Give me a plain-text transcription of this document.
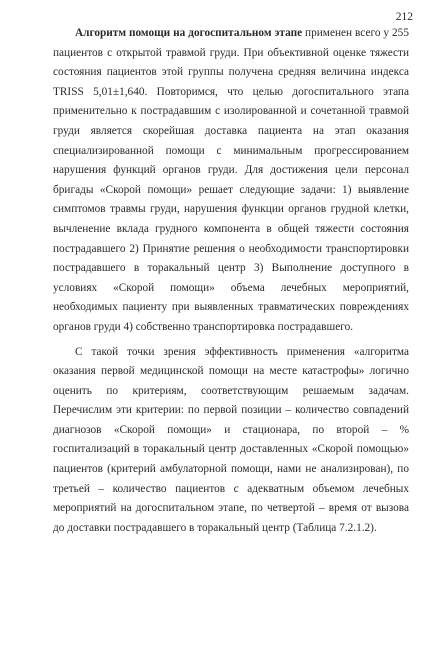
212

Алгоритм помощи на догоспитальном этапе применен всего у 255 пациентов с открытой травмой груди. При объективной оценке тяжести состояния пациентов этой группы получена средняя величина индекса TRISS 5,01±1,640. Повторимся, что целью догоспитального этапа применительно к пострадавшим с изолированной и сочетанной травмой груди является скорейшая доставка пациента на этап оказания специализированной помощи с минимальным прогрессированием нарушения функций органов груди. Для достижения цели персонал бригады «Скорой помощи» решает следующие задачи: 1) выявление симптомов травмы груди, нарушения функции органов грудной клетки, вычленение вклада грудного компонента в общей тяжести состояния пострадавшего 2) Принятие решения о необходимости транспортировки пострадавшего в торакальный центр 3) Выполнение доступного в условиях «Скорой помощи» объема лечебных мероприятий, необходимых пациенту при выявленных травматических повреждениях органов груди 4) собственно транспортировка пострадавшего.

С такой точки зрения эффективность применения «алгоритма оказания первой медицинской помощи на месте катастрофы» логично оценить по критериям, соответствующим решаемым задачам. Перечислим эти критерии: по первой позиции – количество совпадений диагнозов «Скорой помощи» и стационара, по второй – % госпитализаций в торакальный центр доставленных «Скорой помощью» пациентов (критерий амбулаторной помощи, нами не анализирован), по третьей – количество пациентов с адекватным объемом лечебных мероприятий на догоспитальном этапе, по четвертой – время от вызова до доставки пострадавшего в торакальный центр (Таблица 7.2.1.2).
